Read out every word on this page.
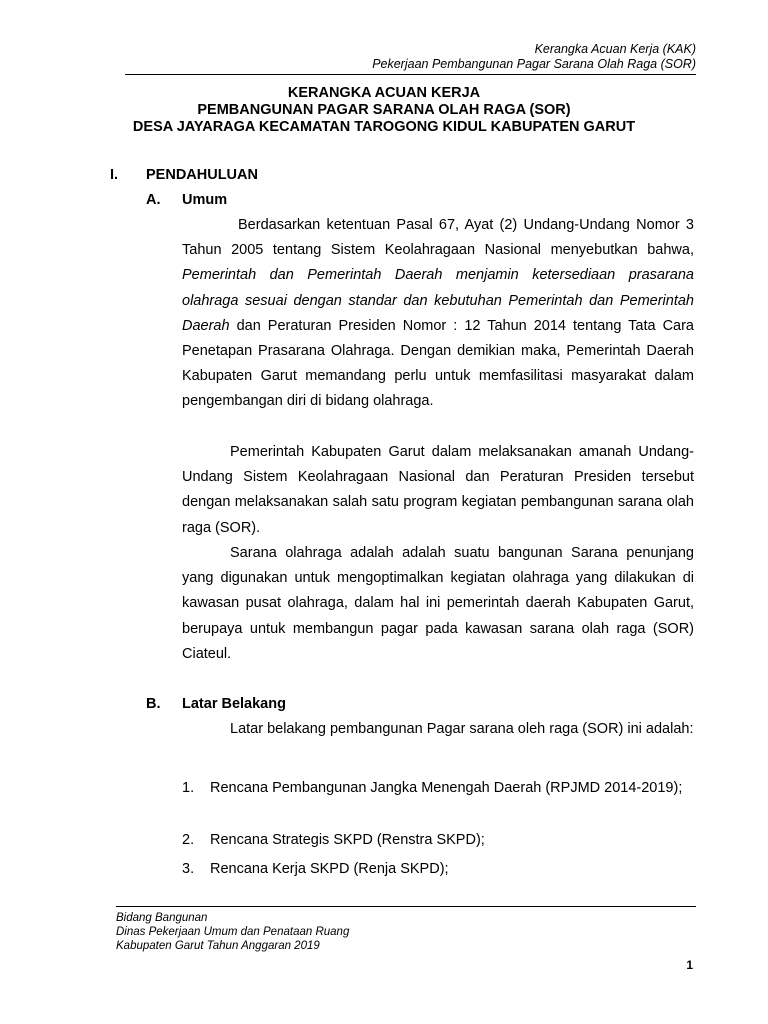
Kerangka Acuan Kerja (KAK)
Pekerjaan Pembangunan Pagar Sarana Olah Raga (SOR)
KERANGKA ACUAN KERJA
PEMBANGUNAN PAGAR SARANA OLAH RAGA (SOR)
DESA JAYARAGA KECAMATAN TAROGONG KIDUL KABUPATEN GARUT
I. PENDAHULUAN
A. Umum

Berdasarkan ketentuan Pasal 67, Ayat (2) Undang-Undang Nomor 3 Tahun 2005 tentang Sistem Keolahragaan Nasional menyebutkan bahwa, Pemerintah dan Pemerintah Daerah menjamin ketersediaan prasarana olahraga sesuai dengan standar dan kebutuhan Pemerintah dan Pemerintah Daerah dan Peraturan Presiden Nomor : 12 Tahun 2014 tentang Tata Cara Penetapan Prasarana Olahraga. Dengan demikian maka, Pemerintah Daerah Kabupaten Garut memandang perlu untuk memfasilitasi masyarakat dalam pengembangan diri di bidang olahraga.

Pemerintah Kabupaten Garut dalam melaksanakan amanah Undang- Undang Sistem Keolahragaan Nasional dan Peraturan Presiden tersebut dengan melaksanakan salah satu program kegiatan pembangunan sarana olah raga (SOR).

Sarana olahraga adalah adalah suatu bangunan Sarana penunjang yang digunakan untuk mengoptimalkan kegiatan olahraga yang dilakukan di kawasan pusat olahraga, dalam hal ini pemerintah daerah Kabupaten Garut, berupaya untuk membangun pagar pada kawasan sarana olah raga (SOR) Ciateul.

B. Latar Belakang

Latar belakang pembangunan Pagar sarana oleh raga (SOR) ini adalah:

1. Rencana Pembangunan Jangka Menengah Daerah (RPJMD 2014-2019);
2. Rencana Strategis SKPD (Renstra SKPD);
3. Rencana Kerja SKPD (Renja SKPD);
Bidang Bangunan
Dinas Pekerjaan Umum dan Penataan Ruang
Kabupaten Garut Tahun Anggaran 2019
1
